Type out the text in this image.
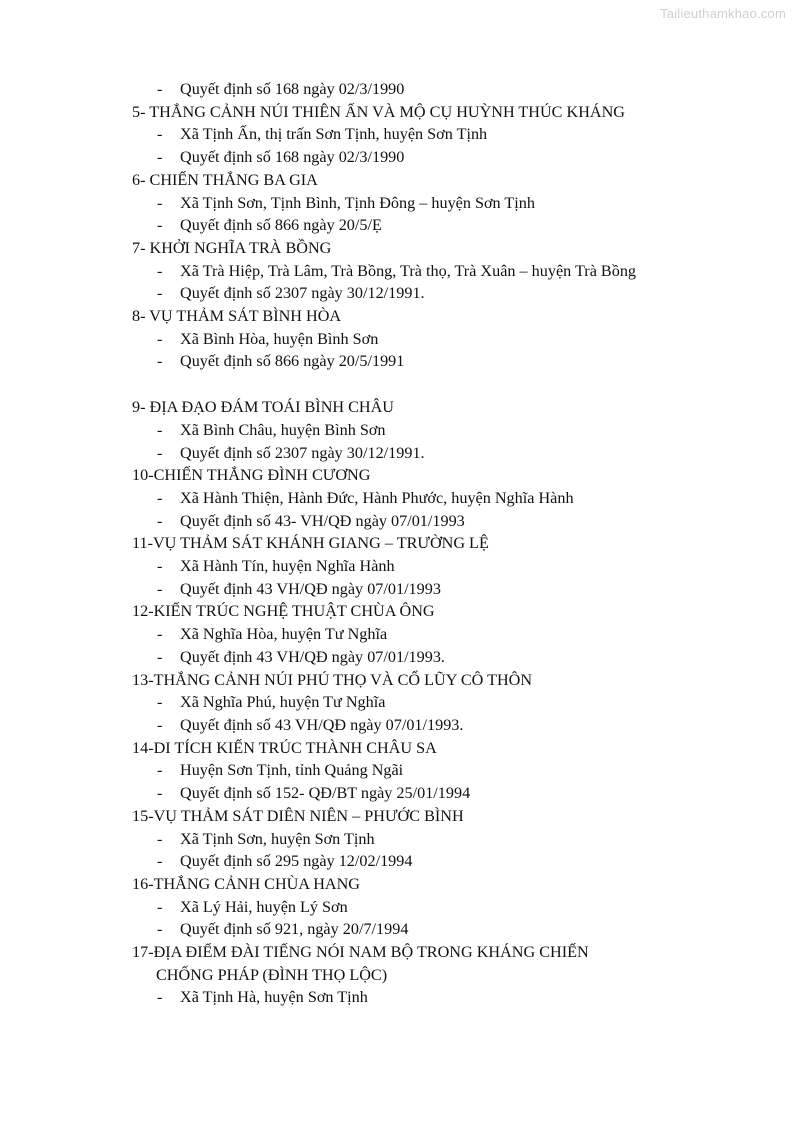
Tailieuthamkhao.com
- Quyết định số 168 ngày 02/3/1990
5- THẮNG CẢNH NÚI THIÊN ẤN VÀ MỘ CỤ HUỲNH THÚC KHÁNG
- Xã Tịnh Ấn, thị trấn Sơn Tịnh, huyện Sơn Tịnh
- Quyết định số 168 ngày 02/3/1990
6- CHIẾN THẮNG BA GIA
- Xã Tịnh Sơn, Tịnh Bình, Tịnh Đông – huyện Sơn Tịnh
- Quyết định số 866 ngày 20/5/Ẹ
7- KHỞI NGHĨA TRÀ BỒNG
- Xã Trà Hiệp, Trà Lâm, Trà Bồng, Trà thọ, Trà Xuân – huyện Trà Bồng
- Quyết định số 2307 ngày 30/12/1991.
8- VỤ THẢM SÁT BÌNH HÒA
- Xã Bình Hòa, huyện Bình Sơn
- Quyết định số 866 ngày 20/5/1991
9- ĐỊA ĐẠO ĐÁM TOÁI BÌNH CHÂU
- Xã Bình Châu, huyện Bình Sơn
- Quyết định số 2307 ngày 30/12/1991.
10-CHIẾN THẮNG ĐÌNH CƯƠNG
- Xã Hành Thiện, Hành Đức, Hành Phước, huyện Nghĩa Hành
- Quyết định số 43- VH/QĐ ngày 07/01/1993
11-VỤ THẢM SÁT KHÁNH GIANG – TRƯỜNG LỆ
- Xã Hành Tín, huyện Nghĩa Hành
- Quyết định 43 VH/QĐ ngày 07/01/1993
12-KIẾN TRÚC NGHỆ THUẬT CHÙA ÔNG
- Xã Nghĩa Hòa, huyện Tư Nghĩa
- Quyết định 43 VH/QĐ ngày 07/01/1993.
13-THẮNG CẢNH NÚI PHÚ THỌ VÀ CỔ LŨY CÔ THÔN
- Xã Nghĩa Phú, huyện Tư Nghĩa
- Quyết định số 43 VH/QĐ ngày 07/01/1993.
14-DI TÍCH KIẾN TRÚC THÀNH CHÂU SA
- Huyện Sơn Tịnh, tỉnh Quảng Ngãi
- Quyết định số 152- QĐ/BT ngày 25/01/1994
15-VỤ THẢM SÁT DIÊN NIÊN – PHƯỚC BÌNH
- Xã Tịnh Sơn, huyện Sơn Tịnh
- Quyết định số 295 ngày 12/02/1994
16-THẮNG CẢNH CHÙA HANG
- Xã Lý Hải, huyện Lý Sơn
- Quyết định số 921, ngày 20/7/1994
17-ĐỊA ĐIỂM ĐÀI TIẾNG NÓI NAM BỘ TRONG KHÁNG CHIẾN
CHỐNG PHÁP (ĐÌNH THỌ LỘC)
- Xã Tịnh Hà, huyện Sơn Tịnh
